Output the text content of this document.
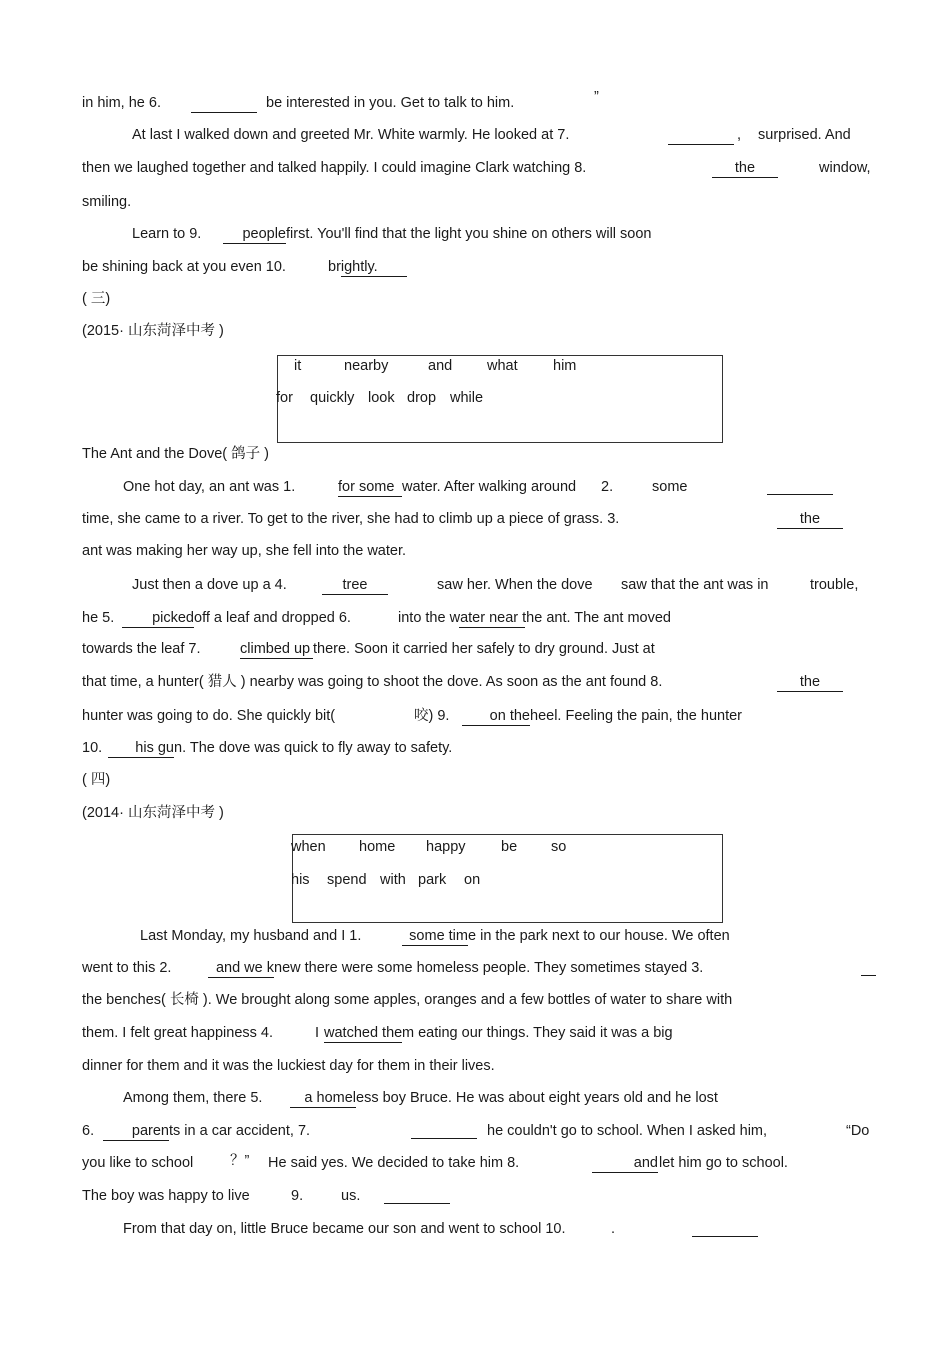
in him, he 6.	be interested in you. Get to talk to him.	”
At last I walked down and greeted Mr. White warmly. He looked at 7.	, surprised. And
then we laughed together and talked happily. I could imagine Clark watching 8.	the	window,
smiling.
Learn to 9.	people first. You'll find that the light you shine on others will soon
be shining back at you even 10.	brightly.
( 三)
(2015· 山东菏泽中考 )
it	nearby	and what him
for quickly look drop while
The Ant and the Dove( 鸽子 )
One hot day, an ant was 1.	for some water. After walking around 2.	some
time, she came to a river. To get to the river, she had to climb up a piece of grass. 3.	the
ant was making her way up, she fell into the water.
Just then a dove up a 4.	tree	saw her. When the dove saw that the ant was in	trouble,
he 5.	picked off a leaf and dropped 6.	into the water near the ant. The ant moved
towards the leaf 7.	climbed up there. Soon it carried her safely to dry ground. Just at
that time, a hunter( 猎人 ) nearby was going to shoot the dove. As soon as the ant found 8.	the
hunter was going to do. She quickly bit(	咬) 9.	on the heel. Feeling the pain, the hunter
10.	his gu n. The dove was quick to fly away to safety.
( 四)
(2014· 山东菏泽中考 )
when home happy be so
his spend with park on
Last Monday, my husband and I 1.	some tim e in the park next to our house. We often
went to this 2.	and we k new there were some homeless people. They sometimes stayed 3.
the benches( 长椅 ). We brought along some apples, oranges and a few bottles of water to share with
them. I felt great happiness 4.	I watched the m eating our things. They said it was a big
dinner for them and it was the luckiest day for them in their lives.
Among them, there 5.	a homel ess boy Bruce. He was about eight years old and he lost
6.	paren ts in a car accident, 7.	he couldn't go to school. When I asked him,	“Do
you like to school	？” He said yes. We decided to take him 8.	and let him go to school.
The boy was happy to live	9.	us.
From that day on, little Bruce became our son and went to school 10.	.
